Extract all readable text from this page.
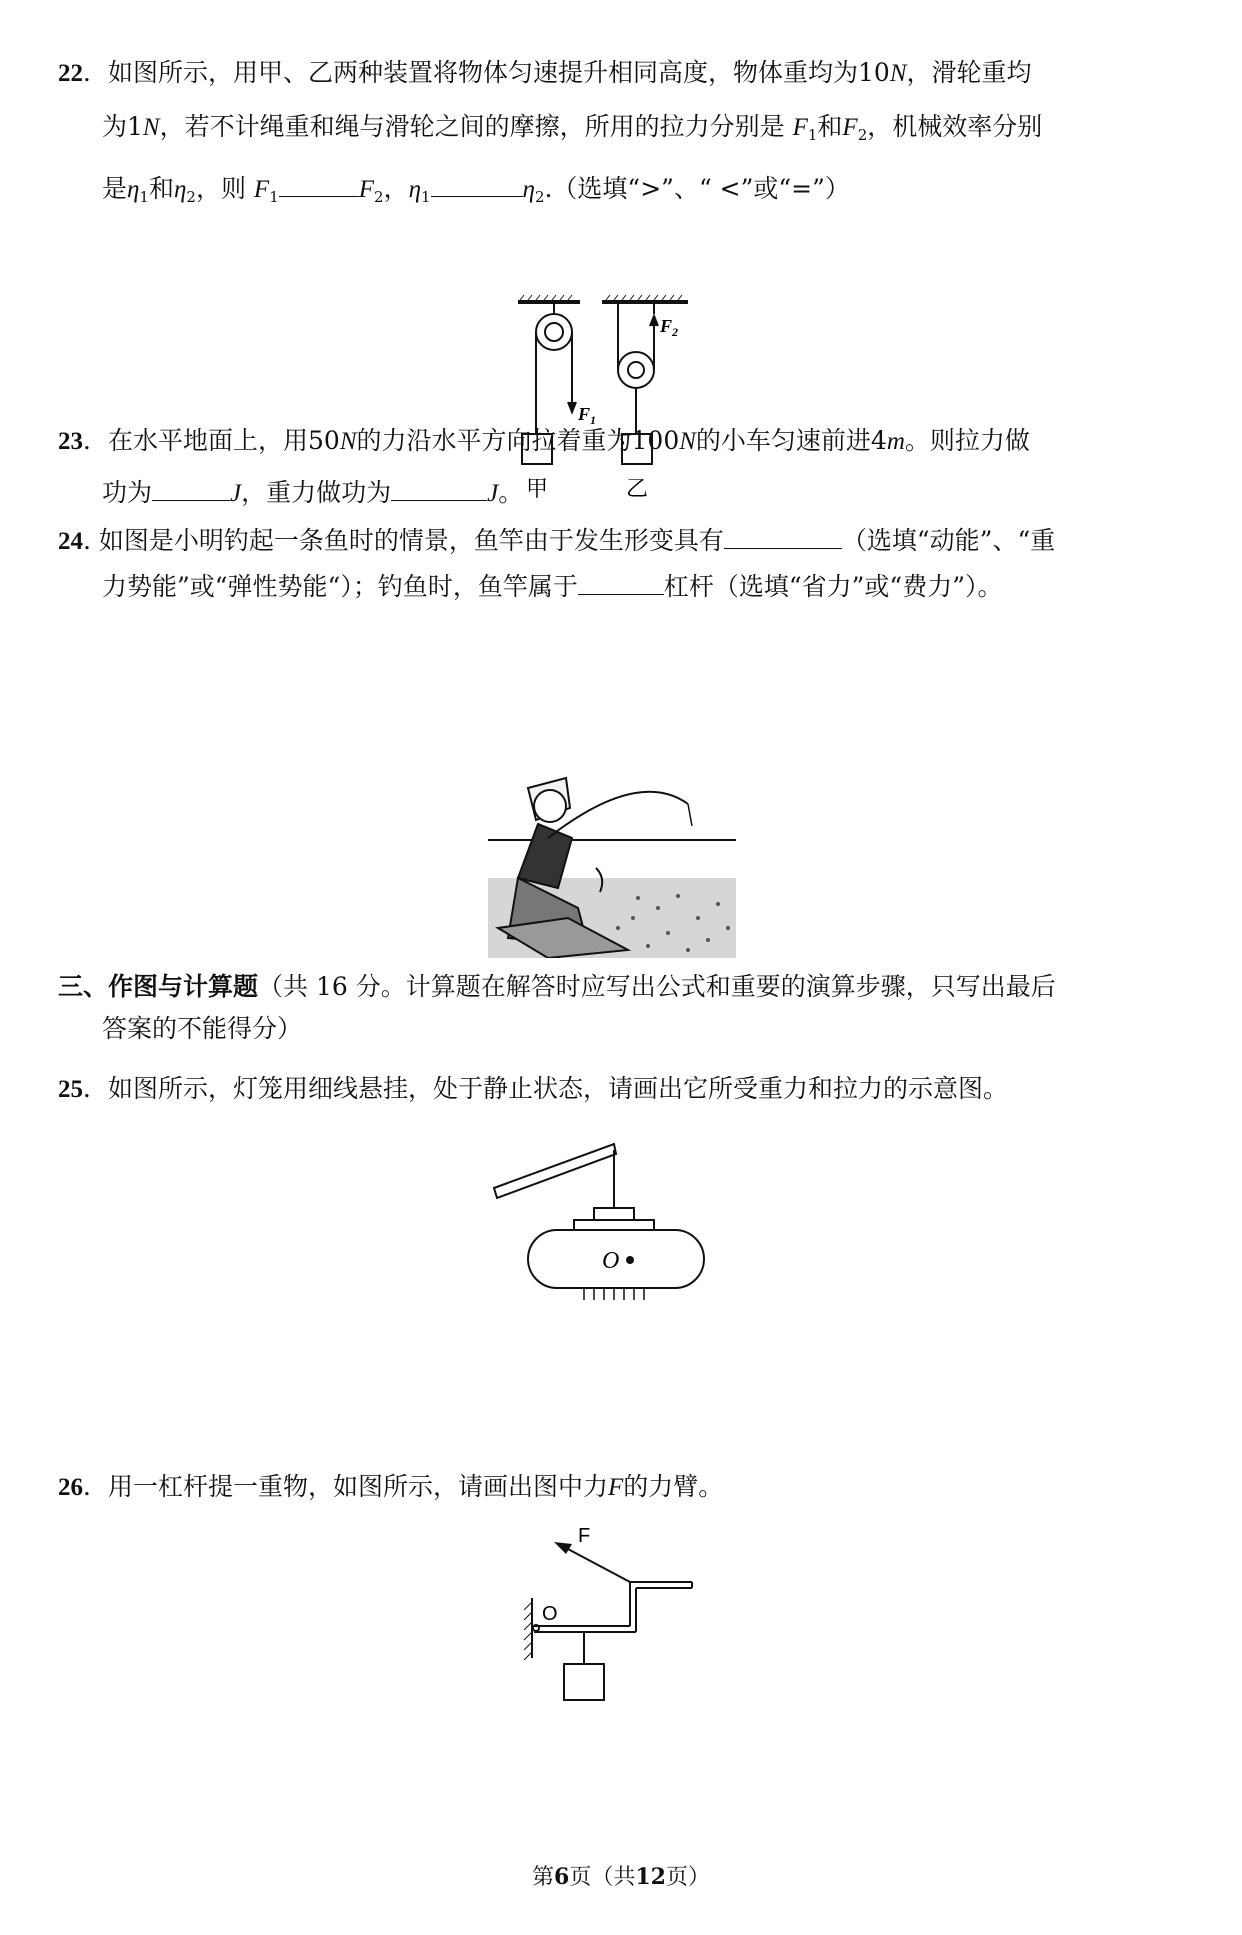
22．如图所示，用甲、乙两种装置将物体匀速提升相同高度，物体重均为10N，滑轮重均
为1N，若不计绳重和绳与滑轮之间的摩擦，所用的拉力分别是 $F_1$和$F_2$，机械效率分别
是$\eta_1$和$\eta_2$，则 $F_1$	$F_2$，$\eta_1$	$\eta_2$.（选填“>”、“ <”或“=”）
$F_1$
$F_2$
甲	乙
23．在水平地面上，用50N的力沿水平方向拉着重为100N的小车匀速前进4m。则拉力做
功为	J，重力做功为	J。
24. 如图是小明钓起一条鱼时的情景，鱼竿由于发生形变具有	（选填“动能”、“重
力势能”或“弹性势能“）；钓鱼时，鱼竿属于	杠杆（选填“省力”或“费力”）。
三、作图与计算题（共 16 分。计算题在解答时应写出公式和重要的演算步骤，只写出最后
答案的不能得分）
25．如图所示，灯笼用细线悬挂，处于静止状态，请画出它所受重力和拉力的示意图。
O
26．用一杠杆提一重物，如图所示，请画出图中力F的力臂。
F
O
第6页（共12页）
